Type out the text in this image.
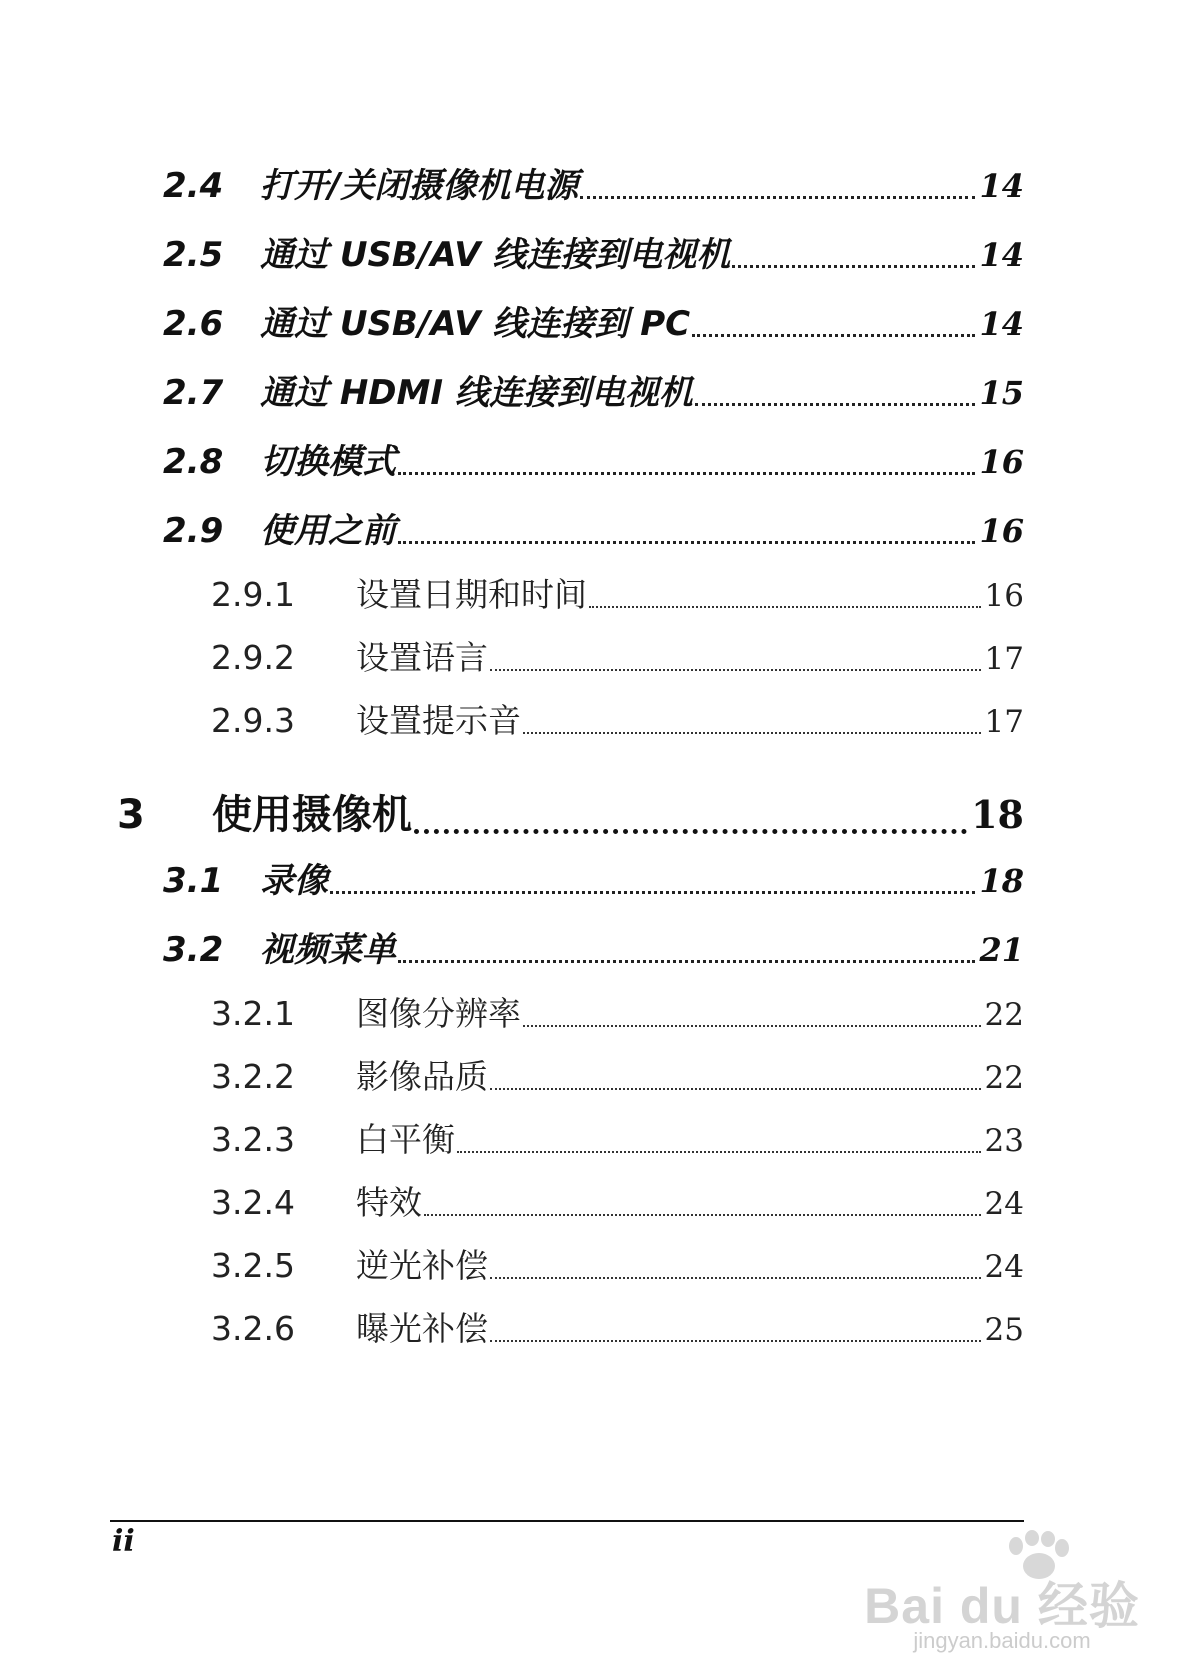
2.4	打开/关闭摄像机电源	14
2.5	通过 USB/AV 线连接到电视机	14
2.6	通过 USB/AV 线连接到 PC	14
2.7	通过 HDMI 线连接到电视机	15
2.8	切换模式	16
2.9	使用之前	16
2.9.1	设置日期和时间	16
2.9.2	设置语言	17
2.9.3	设置提示音	17
3	使用摄像机	18
3.1	录像	18
3.2	视频菜单	21
3.2.1	图像分辨率	22
3.2.2	影像品质	22
3.2.3	白平衡	23
3.2.4	特效	24
3.2.5	逆光补偿	24
3.2.6	曝光补偿	25
ii
Bai du 经验
jingyan.baidu.com
